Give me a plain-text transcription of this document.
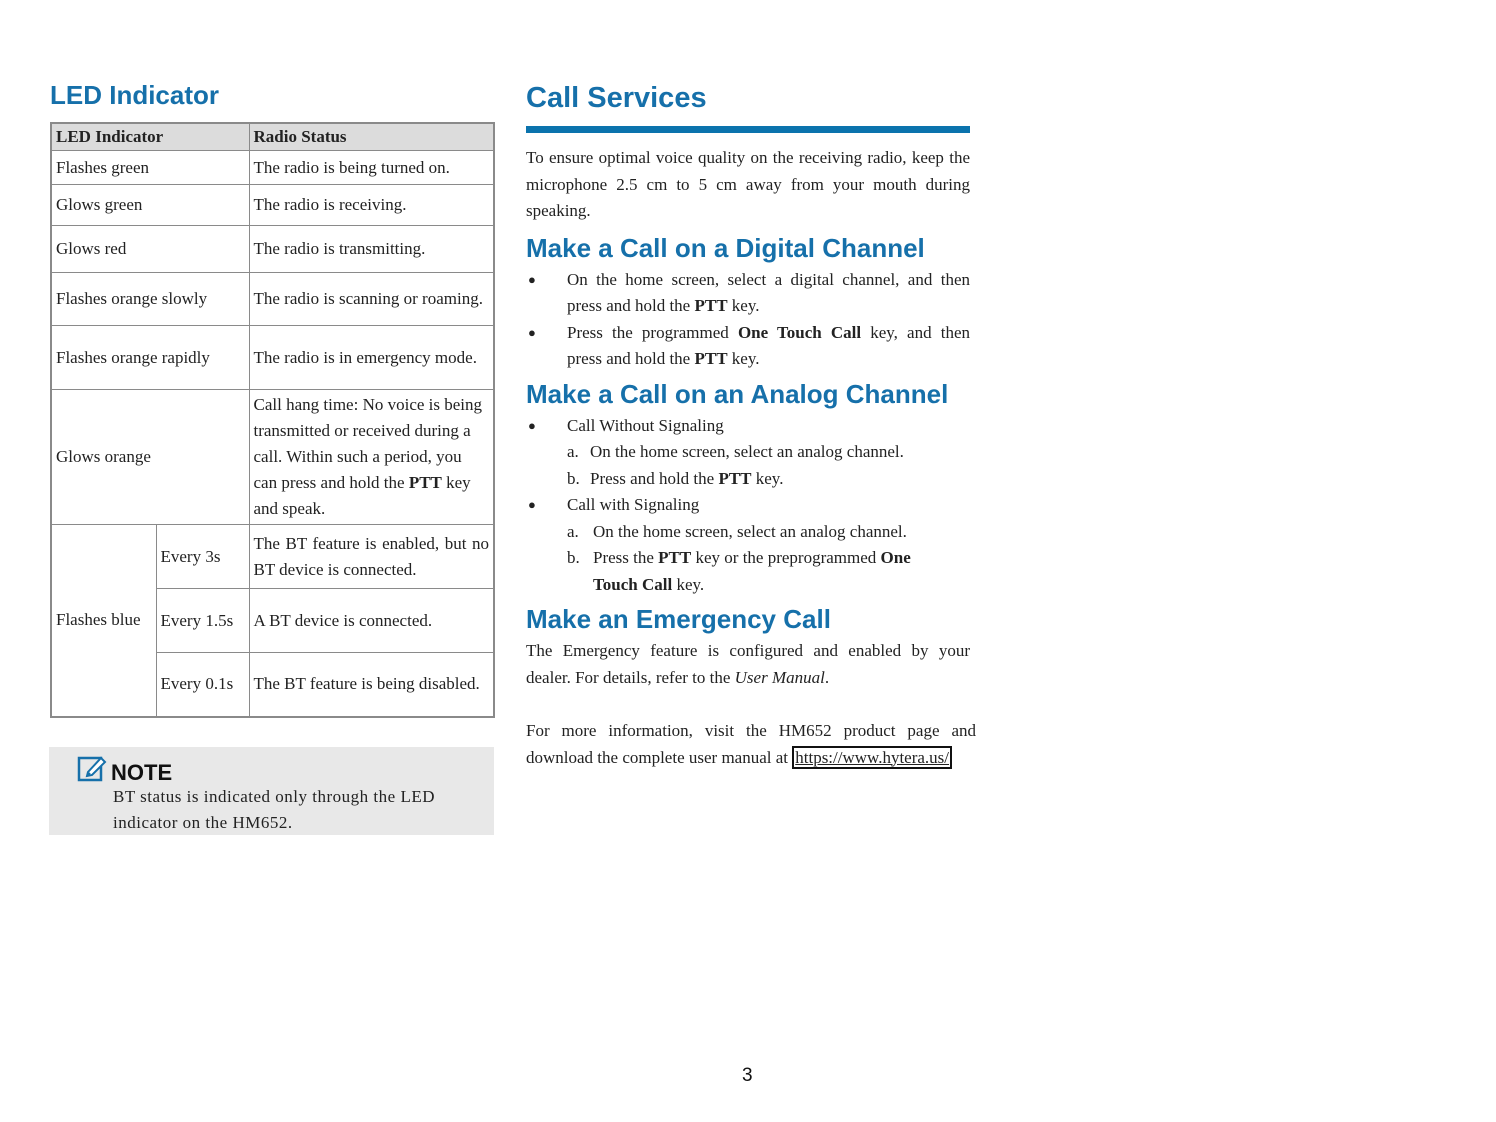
LED Indicator
LED Indicator		Radio Status
Flashes green		The radio is being turned on.
Glows green		The radio is receiving.
Glows red		The radio is transmitting.
Flashes orange slowly		The radio is scanning or roaming.
Flashes orange rapidly		The radio is in emergency mode.
Glows orange		Call hang time: No voice is being transmitted or received during a call. Within such a period, you can press and hold the PTT key and speak.
Flashes blue	Every 3s	The BT feature is enabled, but no BT device is connected.
	Every 1.5s	A BT device is connected.
	Every 0.1s	The BT feature is being disabled.
NOTE
BT status is indicated only through the LED indicator on the HM652.
Call Services

To ensure optimal voice quality on the receiving radio, keep the microphone 2.5 cm to 5 cm away from your mouth during speaking.

Make a Call on a Digital Channel
● On the home screen, select a digital channel, and then press and hold the PTT key.
● Press the programmed One Touch Call key, and then press and hold the PTT key.
Make a Call on an Analog Channel
● Call Without Signaling
a. On the home screen, select an analog channel.
b. Press and hold the PTT key.
● Call with Signaling
a. On the home screen, select an analog channel.
b. Press the PTT key or the preprogrammed One
Touch Call key.
Make an Emergency Call

The Emergency feature is configured and enabled by your dealer. For details, refer to the User Manual.

For more information, visit the HM652 product page and download the complete user manual at https://www.hytera.us/

3
